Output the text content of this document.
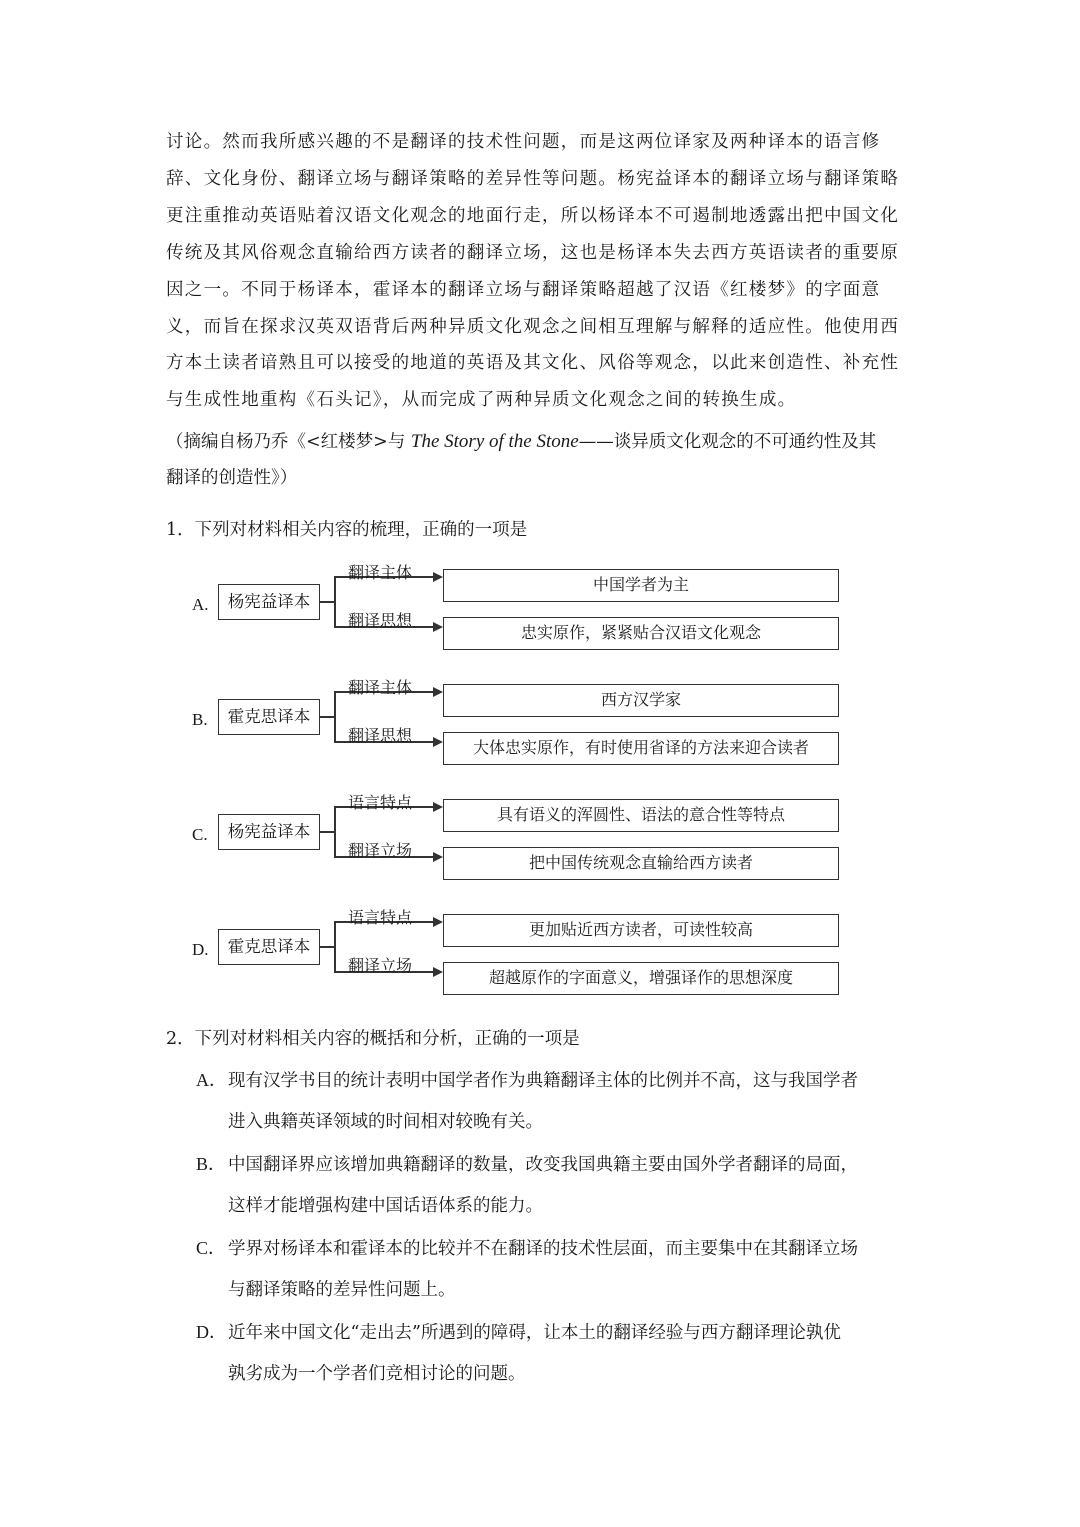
讨论。然而我所感兴趣的不是翻译的技术性问题，而是这两位译家及两种译本的语言修
辞、文化身份、翻译立场与翻译策略的差异性等问题。杨宪益译本的翻译立场与翻译策略
更注重推动英语贴着汉语文化观念的地面行走，所以杨译本不可遏制地透露出把中国文化
传统及其风俗观念直输给西方读者的翻译立场，这也是杨译本失去西方英语读者的重要原
因之一。不同于杨译本，霍译本的翻译立场与翻译策略超越了汉语《红楼梦》的字面意
义，而旨在探求汉英双语背后两种异质文化观念之间相互理解与解释的适应性。他使用西
方本土读者谙熟且可以接受的地道的英语及其文化、风俗等观念，以此来创造性、补充性
与生成性地重构《石头记》，从而完成了两种异质文化观念之间的转换生成。
（摘编自杨乃乔《<红楼梦>与 The Story of the Stone——谈异质文化观念的不可通约性及其
翻译的创造性》）

1．下列对材料相关内容的梳理，正确的一项是

A.	杨宪益译本
翻译主体
中国学者为主
翻译思想
忠实原作，紧紧贴合汉语文化观念
B.	霍克思译本
翻译主体
西方汉学家
翻译思想
大体忠实原作，有时使用省译的方法来迎合读者
C.	杨宪益译本
语言特点
具有语义的浑圆性、语法的意合性等特点
翻译立场
把中国传统观念直输给西方读者
D.	霍克思译本
语言特点
更加贴近西方读者，可读性较高
翻译立场
超越原作的字面意义，增强译作的思想深度

2．下列对材料相关内容的概括和分析，正确的一项是

A．现有汉学书目的统计表明中国学者作为典籍翻译主体的比例并不高，这与我国学者
进入典籍英译领域的时间相对较晚有关。
B． 中国翻译界应该增加典籍翻译的数量，改变我国典籍主要由国外学者翻译的局面，
这样才能增强构建中国话语体系的能力。
C． 学界对杨译本和霍译本的比较并不在翻译的技术性层面，而主要集中在其翻译立场
与翻译策略的差异性问题上。
D．近年来中国文化“走出去”所遇到的障碍，让本土的翻译经验与西方翻译理论孰优
孰劣成为一个学者们竞相讨论的问题。
